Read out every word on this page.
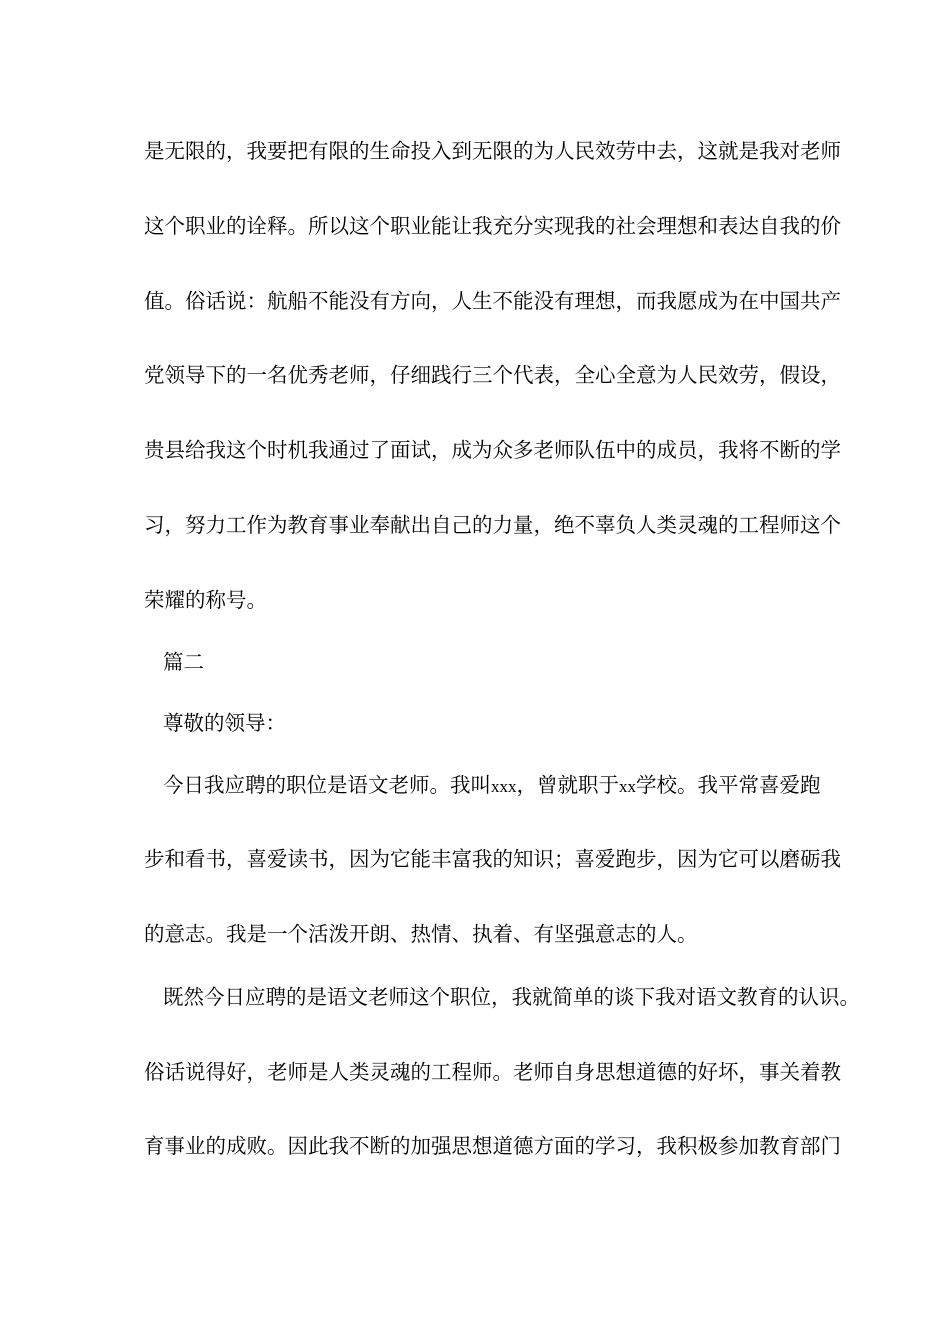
是无限的，我要把有限的生命投入到无限的为人民效劳中去，这就是我对老师
这个职业的诠释。所以这个职业能让我充分实现我的社会理想和表达自我的价
值。俗话说：航船不能没有方向，人生不能没有理想，而我愿成为在中国共产
党领导下的一名优秀老师，仔细践行三个代表，全心全意为人民效劳，假设，
贵县给我这个时机我通过了面试，成为众多老师队伍中的成员，我将不断的学
习，努力工作为教育事业奉献出自己的力量，绝不辜负人类灵魂的工程师这个
荣耀的称号。
篇二
尊敬的领导：
今日我应聘的职位是语文老师。我叫xxx，曾就职于xx学校。我平常喜爱跑
步和看书，喜爱读书，因为它能丰富我的知识；喜爱跑步，因为它可以磨砺我
的意志。我是一个活泼开朗、热情、执着、有坚强意志的人。
既然今日应聘的是语文老师这个职位，我就简单的谈下我对语文教育的认识。
俗话说得好，老师是人类灵魂的工程师。老师自身思想道德的好坏，事关着教
育事业的成败。因此我不断的加强思想道德方面的学习，我积极参加教育部门
